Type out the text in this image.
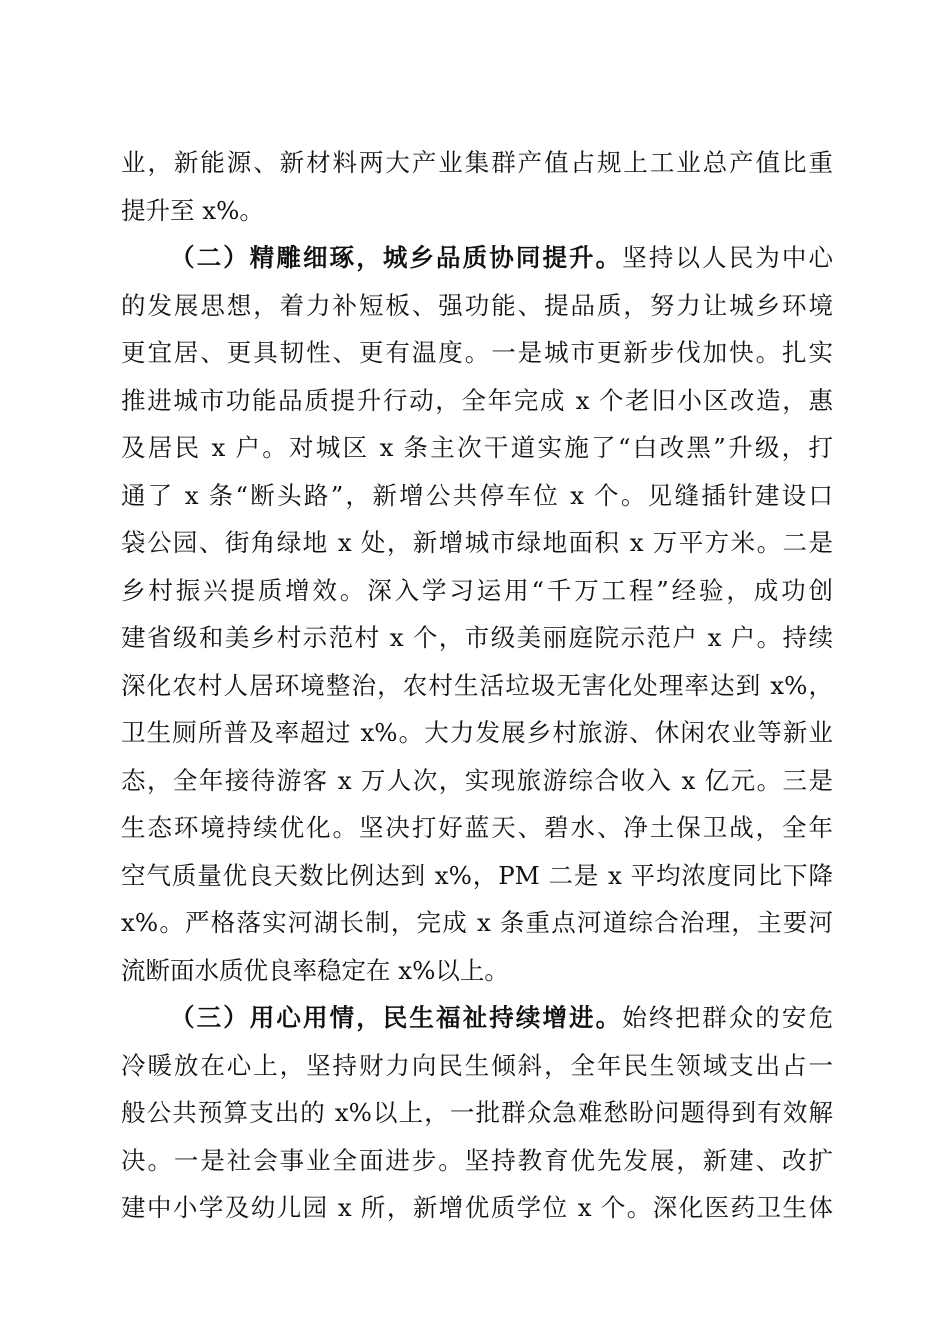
业，新能源、新材料两大产业集群产值占规上工业总产值比重
提升至 x%。
（二）精雕细琢，城乡品质协同提升。坚持以人民为中心
的发展思想，着力补短板、强功能、提品质，努力让城乡环境
更宜居、更具韧性、更有温度。一是城市更新步伐加快。扎实
推进城市功能品质提升行动，全年完成 x 个老旧小区改造，惠
及居民 x 户。对城区 x 条主次干道实施了“白改黑”升级，打
通了 x 条“断头路”，新增公共停车位 x 个。见缝插针建设口
袋公园、街角绿地 x 处，新增城市绿地面积 x 万平方米。二是
乡村振兴提质增效。深入学习运用“千万工程”经验，成功创
建省级和美乡村示范村 x 个，市级美丽庭院示范户 x 户。持续
深化农村人居环境整治，农村生活垃圾无害化处理率达到 x%，
卫生厕所普及率超过 x%。大力发展乡村旅游、休闲农业等新业
态，全年接待游客 x 万人次，实现旅游综合收入 x 亿元。三是
生态环境持续优化。坚决打好蓝天、碧水、净土保卫战，全年
空气质量优良天数比例达到 x%，PM 二是 x 平均浓度同比下降
x%。严格落实河湖长制，完成 x 条重点河道综合治理，主要河
流断面水质优良率稳定在 x%以上。
（三）用心用情，民生福祉持续增进。始终把群众的安危
冷暖放在心上，坚持财力向民生倾斜，全年民生领域支出占一
般公共预算支出的 x%以上，一批群众急难愁盼问题得到有效解
决。一是社会事业全面进步。坚持教育优先发展，新建、改扩
建中小学及幼儿园 x 所，新增优质学位 x 个。深化医药卫生体
